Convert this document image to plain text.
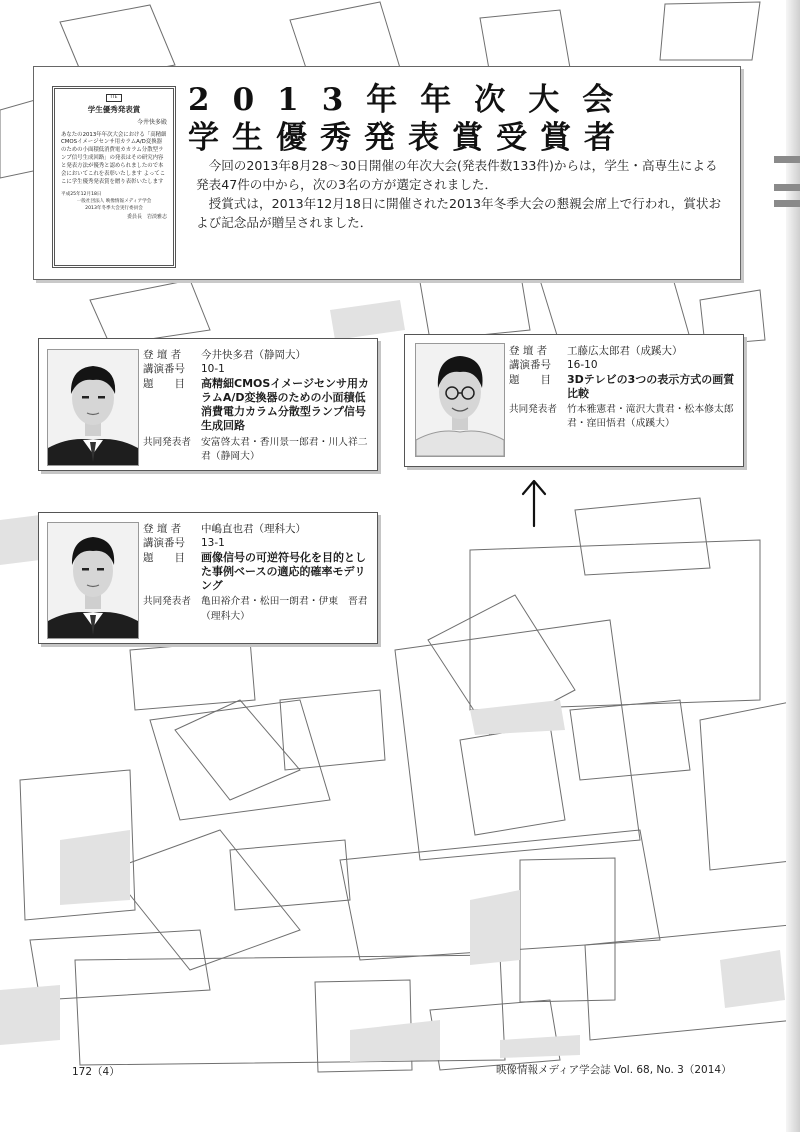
ITE
学生優秀発表賞
今井快多殿
あなたの2013年年次大会における「高精細CMOSイメージセンサ用カラムA/D変換器のための小面積低消費電カカラム分散型ランプ信号生成回路」の発表はその研究内容と発表方法が優秀と認められましたので本会においてこれを表彰いたします よってここに学生優秀発表賞を贈り表彰いたします
平成25年12月18日
一般社団法人 映像情報メディア学会
2013年冬季大会実行委員会
委員長　岩淡雅志
2013年年次大会
学生優秀発表賞受賞者

今回の2013年8月28～30日開催の年次大会(発表件数133件)からは，学生・高専生による発表47件の中から，次の3名の方が選定されました．

授賞式は，2013年12月18日に開催された2013年冬季大会の懇親会席上で行われ，賞状および記念品が贈呈されました．

登 壇 者	今井快多君（静岡大）
講演番号	10-1
題　　目	高精細CMOSイメージセンサ用カラムA/D変換器のための小面積低消費電力カラム分散型ランプ信号生成回路
共同発表者	安富啓太君・香川景一郎君・川人祥二君（静岡大）
登 壇 者	工藤広太郎君（成蹊大）
講演番号	16-10
題　　目	3Dテレビの3つの表示方式の画質比較
共同発表者	竹本雅憲君・滝沢大貴君・松本修太郎君・窪田悟君（成蹊大）
登 壇 者	中嶋直也君（理科大）
講演番号	13-1
題　　目	画像信号の可逆符号化を目的とした事例ベースの適応的確率モデリング
共同発表者	亀田裕介君・松田一朗君・伊東　晋君（理科大）
172（4）	映像情報メディア学会誌 Vol. 68, No. 3（2014）
